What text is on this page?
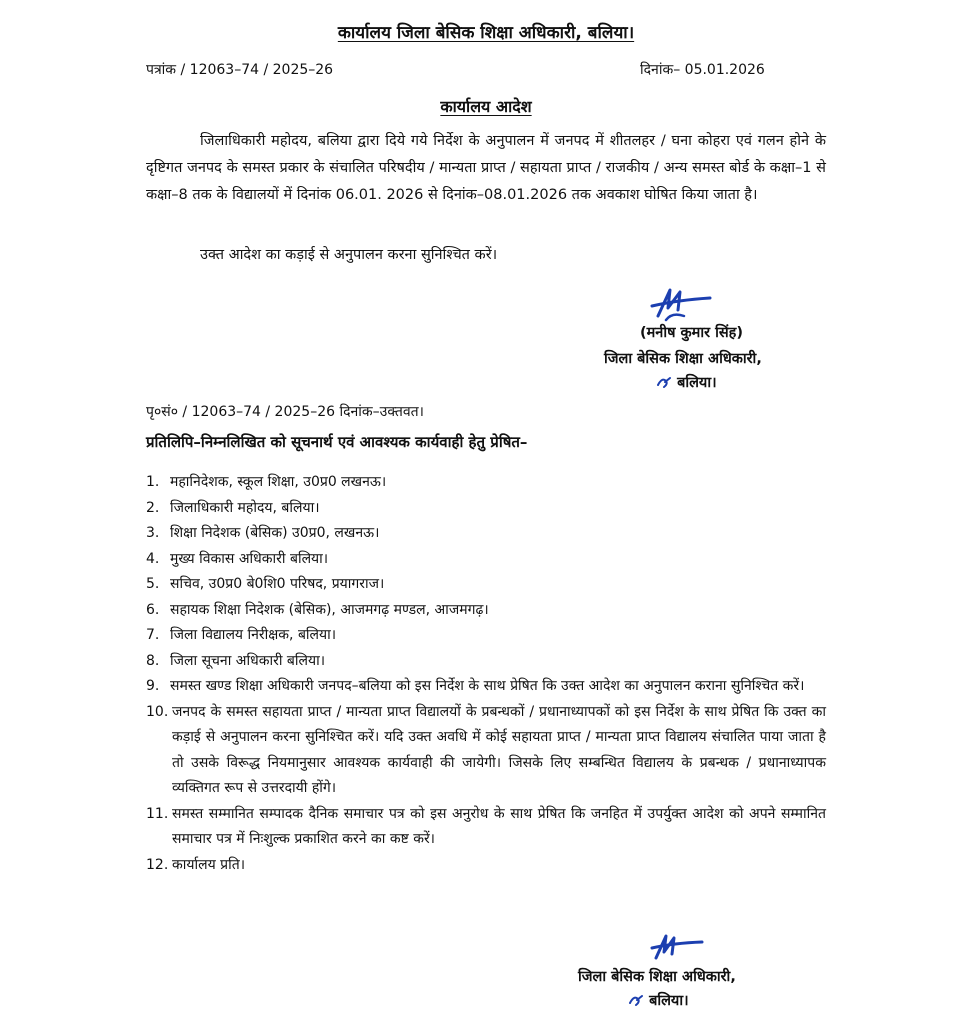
कार्यालय जिला बेसिक शिक्षा अधिकारी, बलिया।
पत्रांक / 12063–74 / 2025–26	दिनांक– 05.01.2026
कार्यालय आदेश
जिलाधिकारी महोदय, बलिया द्वारा दिये गये निर्देश के अनुपालन में जनपद में शीतलहर / घना कोहरा एवं गलन होने के दृष्टिगत जनपद के समस्त प्रकार के संचालित परिषदीय / मान्यता प्राप्त / सहायता प्राप्त / राजकीय / अन्य समस्त बोर्ड के कक्षा–1 से कक्षा–8 तक के विद्यालयों में दिनांक 06.01. 2026 से दिनांक–08.01.2026 तक अवकाश घोषित किया जाता है।
उक्त आदेश का कड़ाई से अनुपालन करना सुनिश्चित करें।
(मनीष कुमार सिंह)
जिला बेसिक शिक्षा अधिकारी,
बलिया।
पृ०सं० / 12063–74 / 2025–26 दिनांक–उक्तवत।
प्रतिलिपि–निम्नलिखित को सूचनार्थ एवं आवश्यक कार्यवाही हेतु प्रेषित–
1. महानिदेशक, स्कूल शिक्षा, उ0प्र0 लखनऊ।
2. जिलाधिकारी महोदय, बलिया।
3. शिक्षा निदेशक (बेसिक) उ0प्र0, लखनऊ।
4. मुख्य विकास अधिकारी बलिया।
5. सचिव, उ0प्र0 बे0शि0 परिषद, प्रयागराज।
6. सहायक शिक्षा निदेशक (बेसिक), आजमगढ़ मण्डल, आजमगढ़।
7. जिला विद्यालय निरीक्षक, बलिया।
8. जिला सूचना अधिकारी बलिया।
9. समस्त खण्ड शिक्षा अधिकारी जनपद–बलिया को इस निर्देश के साथ प्रेषित कि उक्त आदेश का अनुपालन कराना सुनिश्चित करें।
10. जनपद के समस्त सहायता प्राप्त / मान्यता प्राप्त विद्यालयों के प्रबन्धकों / प्रधानाध्यापकों को इस निर्देश के साथ प्रेषित कि उक्त का कड़ाई से अनुपालन करना सुनिश्चित करें। यदि उक्त अवधि में कोई सहायता प्राप्त / मान्यता प्राप्त विद्यालय संचालित पाया जाता है तो उसके विरूद्ध नियमानुसार आवश्यक कार्यवाही की जायेगी। जिसके लिए सम्बन्धित विद्यालय के प्रबन्धक / प्रधानाध्यापक व्यक्तिगत रूप से उत्तरदायी होंगे।
11. समस्त सम्मानित सम्पादक दैनिक समाचार पत्र को इस अनुरोध के साथ प्रेषित कि जनहित में उपर्युक्त आदेश को अपने सम्मानित समाचार पत्र में निःशुल्क प्रकाशित करने का कष्ट करें।
12. कार्यालय प्रति।
जिला बेसिक शिक्षा अधिकारी,
बलिया।
